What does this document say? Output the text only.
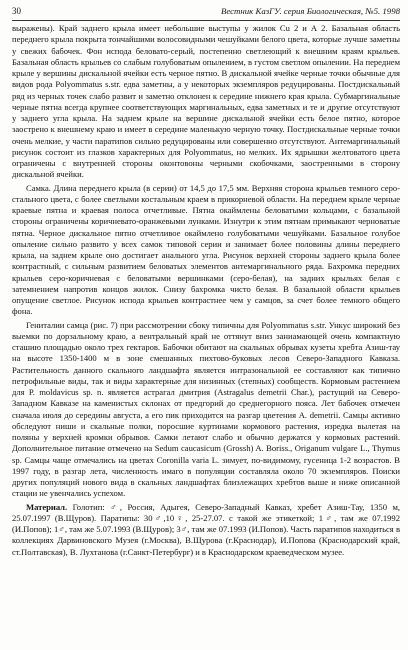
30	Вестник КазГУ. серия Биологическая, №5. 1998

выражены). Край заднего крыла имеет небольшие выступы у жилок Cu 2 и А 2. Базальная область переднего крыла покрыта тончайшими волосовидными чешуйками белого цвета, которые лучше заметны у свежих бабочек. Фон исподa беловато-серый, постепенно светлеющий к внешним краям крыльев. Базальная область крыльев со слабым голубоватым опылением, в густом светлом опылении. На переднем крыле у вершины дискальной ячейки есть черное пятно. В дискальной ячейке черные точки обычные для видов рода Polyommatus s.str. едва заметны, а у некоторых экземпляров редуцированы. Постдискальный ряд из черных точек слабо развит и заметно отклонен к середине нижнего края крыла. Субмаргинальные черные пятна всегда крупнее соответствующих маргинальных, едва заметных и те и другие отсутствуют у заднего угла крыла. На заднем крыле на вершине дискальной ячейки есть белое пятно, которое заострено к внешнему краю и имеет в середине маленькую черную точку. Постдискальные черные точки очень мелкие, у части паратипов сильно редуцированы или совершенно отсутствуют. Антемаргинальный рисунок состоит из глазков характерных для Polyommatus, но мелких. Их ядрышки желтоватого цвета ограничены с внутренней стороны оконтовоны черными скобочками, заостренными в сторону дискальной ячейки.

Самка. Длина переднего крыла (в серии) от 14,5 до 17,5 мм. Верхняя сторона крыльев темного серо-стального цвета, с более светлыми костальным краем в прикорневой области. На переднем крыле черные краевые пятна и краевая полоса отчетливые. Пятна окаймлены беловатыми кольцами, с базальной стороны ограничены коричневато-оранжевыми лунками. Изнутри к этим пятнам примыкают черноватые пятна. Черное дискальное пятно отчетливое окаймлено голубоватыми чешуйками. Базальное голубое опыление сильно развито у всех самок типовой серии и занимает более половины длины переднего крыла, на заднем крыле оно достигает анального угла. Рисунок верхней стороны заднего крыла более контрастный, с сильным развитием беловатых элементов антемаргинального ряда. Бахромка передних крыльев серо-коричневая с беловатыми вершинками (серо-белая), на задних крыльях белая с затемнением напротив концов жилок. Снизу бахромка чисто белая. В базальной области крыльев опущение светлое. Рисунок исподa крыльев контрастнее чем у самцов, за счет более темного общего фона.

Гениталии самца (рис. 7) при рассмотрении сбоку типичны для Polyommatus s.str. Ункус широкий без выемки по дорзальному краю, а вентральный край не оттянут вниз заниамающей очень компактную сташию площадью около трех гектаров. Бабочки обитают на скальных обрывах кузеты хребта Азиш-тау на высоте 1350-1400 м в зоне смешанных пихтово-буковых лесов Северо-Западного Кавказа. Растительность данного скального ландшафта является интразональной ее составляют как типично петрофильные виды, так и виды характерные для низинных (степных) сообществ. Кормовым растением для P. moldavicus sp. n. является астрагал дмитрия (Astragalus demetrii Char.), растущий на Северо-Западном Кавказе на каменистых склонах от предгорий до среднегорного пояса. Лет бабочек отмечен сначала июля до середины августа, а его пик приходится на разгар цветения A. demetrii. Самцы активно обследуют ниши и скальные полки, поросшие куртинами кормового растения, изредка вылетая на поляны у верхней кромки обрывов. Самки летают слабо и обычно держатся у кормовых растений. Дополнительное питание отмечено на Sedum caucasicum (Grossh) A. Boriss., Origanum vulgare L., Thymus sp. Самцы чаще отмечались на цветах Coronilla varia L. зимует, по-видимому, гусеница 1-2 возрастов. В 1997 году, в разгар лета, численность имаго в популяции составляла около 70 экземпляров. Поиски других популяций нового вида в скальных ландшафтах близлежащих хребтов выше и ниже описанной стации не увенчались успехом.

Материал. Голотип: ♂, Россия, Адыгея, Северо-Западный Кавказ, хребет Азиш-Тау, 1350 м, 25.07.1997 (В.Щуров). Паратипы: 30♂,10♀, 25-27.07. с такой же этикеткой; 1♂, там же 07.1992 (И.Попов); 1♂, там же 5.07.1993 (В.Щуров); 3♂, там же 07.1993 (И.Попов). Часть паратипов находиться в коллекциях Дарвиновского Музея (г.Москва), В.Щурова (г.Краснодар), И.Попова (Краснодарский край, ст.Полтавская), В. Лухтанова (г.Санкт-Петербург) и в Краснодарском краеведческом музее.
